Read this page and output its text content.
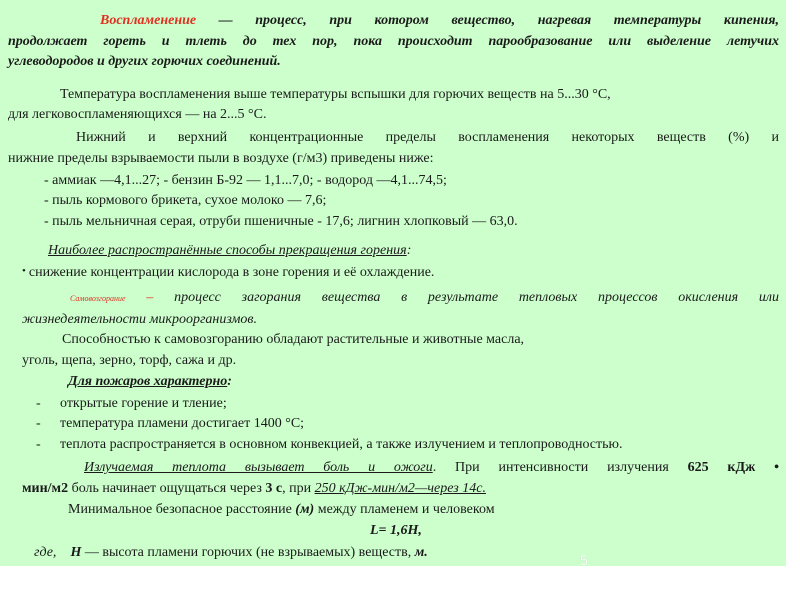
Воспламенение — процесс, при котором вещество, нагревая температуры кипения,
продолжает гореть и тлеть до тех пор, пока происходит парообразование или выделение летучих
углеводородов и других горючих соединений.
Температура воспламенения выше температуры вспышки для горючих веществ на 5...30 °С,
для легковоспламеняющихся — на 2...5 °С.
Нижний и верхний концентрационные пределы воспламенения некоторых веществ (%) и
нижние пределы взрываемости пыли в воздухе (г/м3) приведены ниже:
- аммиак —4,1...27; - бензин Б-92 — 1,1...7,0; - водород —4,1...74,5;
- пыль кормового брикета, сухое молоко — 7,6;
- пыль мельничная серая, отруби пшеничные - 17,6; лигнин хлопковый — 63,0.
Наиболее распространённые способы прекращения горения:
• снижение концентрации кислорода в зоне горения и её охлаждение.
Самовозгорание – процесс загорания вещества в результате тепловых процессов окисления или
жизнедеятельности микроорганизмов.
Способностью к самовозгоранию обладают растительные и животные масла,
уголь, щепа, зерно, торф, сажа и др.
Для пожаров характерно:
- открытые горение и тление;
- температура пламени достигает 1400 °С;
- теплота распространяется в основном конвекцией, а также излучением и теплопроводностью.
Излучаемая теплота вызывает боль и ожоги. При интенсивности излучения 625 кДж •
мин/м2 боль начинает ощущаться через 3 с, при 250 кДж-мин/м2—через 14с.
Минимальное безопасное расстояние (м) между пламенем и человеком
L= 1,6H,
где, H — высота пламени горючих (не взрываемых) веществ, м.	5
